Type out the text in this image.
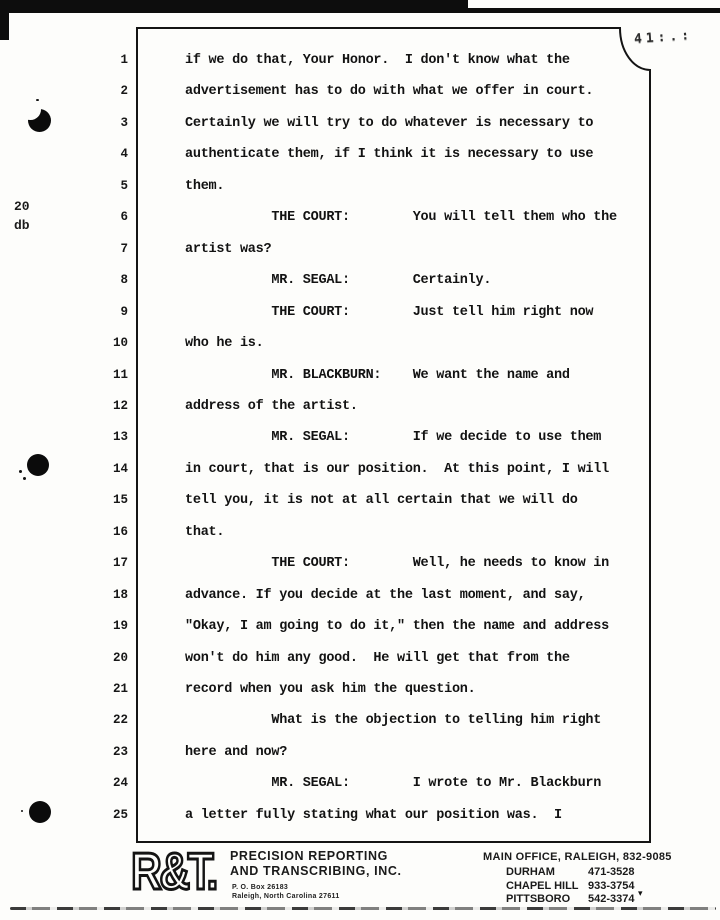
41:.:
20
db
1	if we do that, Your Honor.  I don't know what the
2	advertisement has to do with what we offer in court.
3	Certainly we will try to do whatever is necessary to
4	authenticate them, if I think it is necessary to use
5	them.
6	THE COURT:        You will tell them who the
7	artist was?
8	MR. SEGAL:        Certainly.
9	THE COURT:        Just tell him right now
10	who he is.
11	MR. BLACKBURN:    We want the name and
12	address of the artist.
13	MR. SEGAL:        If we decide to use them
14	in court, that is our position.  At this point, I will
15	tell you, it is not at all certain that we will do
16	that.
17	THE COURT:        Well, he needs to know in
18	advance. If you decide at the last moment, and say,
19	"Okay, I am going to do it," then the name and address
20	won't do him any good.  He will get that from the
21	record when you ask him the question.
22	What is the objection to telling him right
23	here and now?
24	MR. SEGAL:        I wrote to Mr. Blackburn
25	a letter fully stating what our position was.  I
R&T. PRECISION REPORTING
AND TRANSCRIBING, INC.
P. O. Box 26183
Raleigh, North Carolina 27611
MAIN OFFICE, RALEIGH, 832-9085
DURHAM	471-3528
CHAPEL HILL 933-3754
PITTSBORO 542-3374 ▾
